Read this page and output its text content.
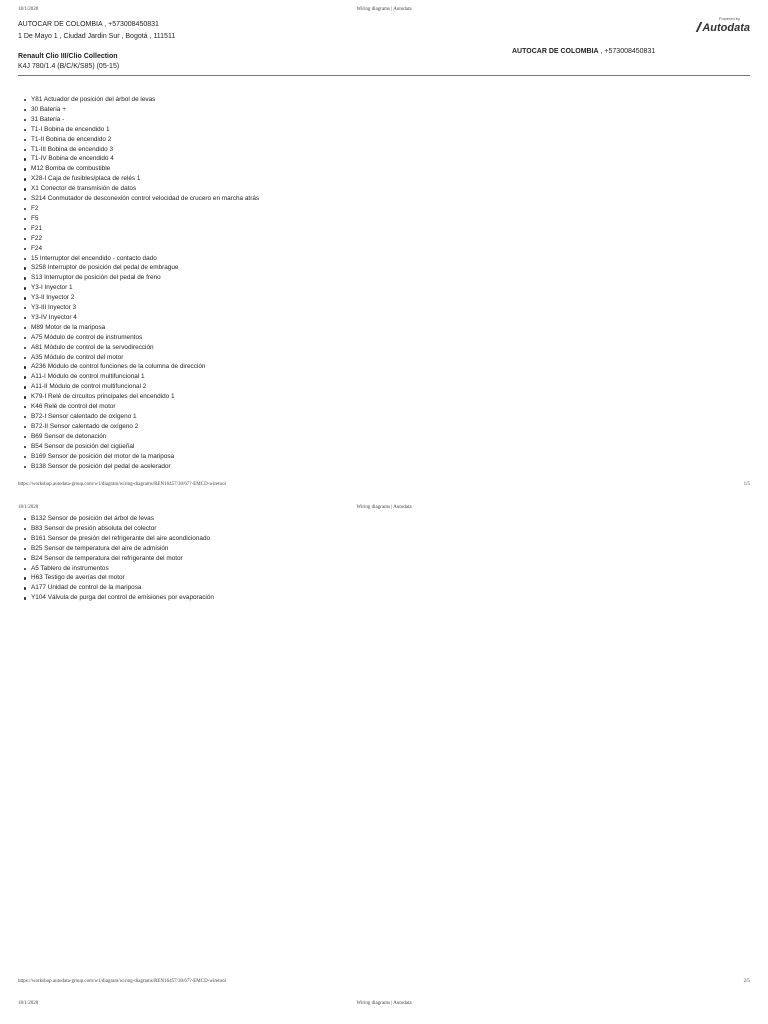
18/1/2020	Wiring diagrams | Autodata
AUTOCAR DE COLOMBIA , +573008450831
1 De Mayo 1 , Ciudad Jardin Sur , Bogotá , 111511
Powered by
Autodata
Renault Clio III/Clio Collection
K4J 780/1.4 (B/C/K/S85) (05-15)
AUTOCAR DE COLOMBIA , +573008450831
Y81 Actuador de posición del árbol de levas
30 Batería +
31 Batería -
T1-I Bobina de encendido 1
T1-II Bobina de encendido 2
T1-III Bobina de encendido 3
T1-IV Bobina de encendido 4
M12 Bomba de combustible
X28-I Caja de fusibles/placa de relés 1
X1 Conector de transmisión de datos
S214 Conmutador de desconexión control velocidad de crucero en marcha atrás
F2
F5
F21
F22
F24
15 Interruptor del encendido - contacto dado
S258 Interruptor de posición del pedal de embrague
S13 Interruptor de posición del pedal de freno
Y3-I Inyector 1
Y3-II Inyector 2
Y3-III Inyector 3
Y3-IV Inyector 4
M89 Motor de la mariposa
A75 Módulo de control de instrumentos
A81 Módulo de control de la servodirección
A35 Módulo de control del motor
A236 Módulo de control funciones de la columna de dirección
A11-I Módulo de control multifuncional 1
A11-II Módulo de control multifuncional 2
K79-I Relé de circuitos principales del encendido 1
K46 Relé de control del motor
B72-I Sensor calentado de oxígeno 1
B72-II Sensor calentado de oxígeno 2
B69 Sensor de detonación
B54 Sensor de posición del cigüeñal
B169 Sensor de posición del motor de la mariposa
B138 Sensor de posición del pedal de acelerador
https://workshop.autodata-group.com/w1/diagram/wiring-diagrams/REN16457/30/67?-EMCD-wiretool	1/5
18/1/2020	Wiring diagrams | Autodata
B132 Sensor de posición del árbol de levas
B83 Sensor de presión absoluta del colector
B161 Sensor de presión del refrigerante del aire acondicionado
B25 Sensor de temperatura del aire de admisión
B24 Sensor de temperatura del refrigerante del motor
A5 Tablero de instrumentos
H63 Testigo de averías del motor
A177 Unidad de control de la mariposa
Y104 Válvula de purga del control de emisiones por evaporación
https://workshop.autodata-group.com/w1/diagram/wiring-diagrams/REN16457/30/67?-EMCD-wiretool	2/5
18/1/2020	Wiring diagrams | Autodata
